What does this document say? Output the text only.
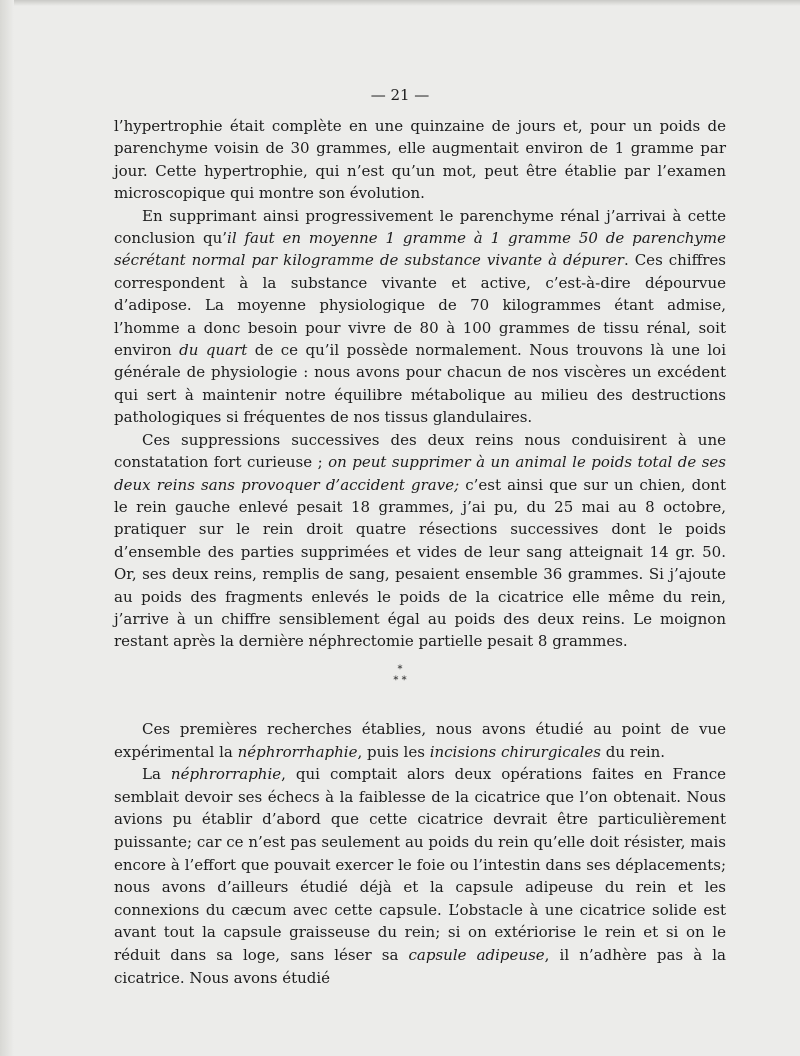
— 21 —

l’hypertrophie était complète en une quinzaine de jours et, pour un poids de parenchyme voisin de 30 grammes, elle augmentait environ de 1 gramme par jour. Cette hypertrophie, qui n’est qu’un mot, peut être établie par l’examen microscopique qui montre son évolution.

En supprimant ainsi progressivement le parenchyme rénal j’arrivai à cette conclusion qu’il faut en moyenne 1 gramme à 1 gramme 50 de parenchyme sécrétant normal par kilogramme de substance vivante à dépurer. Ces chiffres correspondent à la substance vivante et active, c’est-à-dire dépourvue d’adipose. La moyenne physiologique de 70 kilogrammes étant admise, l’homme a donc besoin pour vivre de 80 à 100 grammes de tissu rénal, soit environ du quart de ce qu’il possède normalement. Nous trouvons là une loi générale de physiologie : nous avons pour chacun de nos viscères un excédent qui sert à maintenir notre équilibre métabolique au milieu des destructions pathologiques si fréquentes de nos tissus glandulaires.

Ces suppressions successives des deux reins nous conduisirent à une constatation fort curieuse ; on peut supprimer à un animal le poids total de ses deux reins sans provoquer d’accident grave; c’est ainsi que sur un chien, dont le rein gauche enlevé pesait 18 grammes, j’ai pu, du 25 mai au 8 octobre, pratiquer sur le rein droit quatre résections successives dont le poids d’ensemble des parties supprimées et vides de leur sang atteignait 14 gr. 50. Or, ses deux reins, remplis de sang, pesaient ensemble 36 grammes. Si j’ajoute au poids des fragments enlevés le poids de la cicatrice elle même du rein, j’arrive à un chiffre sensiblement égal au poids des deux reins. Le moignon restant après la dernière néphrectomie partielle pesait 8 grammes.

*
* *

Ces premières recherches établies, nous avons étudié au point de vue expérimental la néphrorrhaphie, puis les incisions chirurgicales du rein.

La néphrorraphie, qui comptait alors deux opérations faites en France semblait devoir ses échecs à la faiblesse de la cicatrice que l’on obtenait. Nous avions pu établir d’abord que cette cicatrice devrait être particulièrement puissante; car ce n’est pas seulement au poids du rein qu’elle doit résister, mais encore à l’effort que pouvait exercer le foie ou l’intestin dans ses déplacements; nous avons d’ailleurs étudié déjà et la capsule adipeuse du rein et les connexions du cæcum avec cette capsule. L’obstacle à une cicatrice solide est avant tout la capsule graisseuse du rein; si on extériorise le rein et si on le réduit dans sa loge, sans léser sa capsule adipeuse, il n’adhère pas à la cicatrice. Nous avons étudié
